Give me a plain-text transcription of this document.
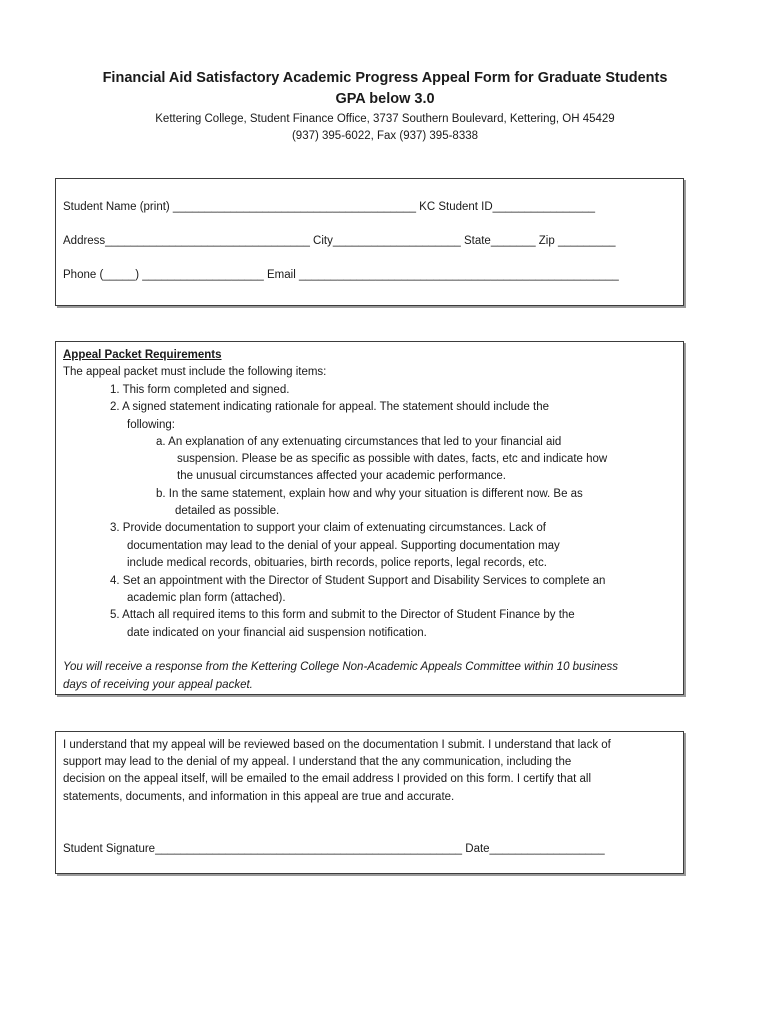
Financial Aid Satisfactory Academic Progress Appeal Form for Graduate Students
GPA below 3.0
Kettering College, Student Finance Office, 3737 Southern Boulevard, Kettering, OH 45429
(937) 395-6022, Fax (937) 395-8338
Student Name (print) ______________________________________ KC Student ID________________
Address________________________________ City____________________ State_______ Zip _________
Phone (_____) ___________________ Email __________________________________________________
Appeal Packet Requirements
The appeal packet must include the following items:
1. This form completed and signed.
2. A signed statement indicating rationale for appeal. The statement should include the
following:
a. An explanation of any extenuating circumstances that led to your financial aid
suspension. Please be as specific as possible with dates, facts, etc and indicate how
the unusual circumstances affected your academic performance.
b. In the same statement, explain how and why your situation is different now. Be as
detailed as possible.
3. Provide documentation to support your claim of extenuating circumstances. Lack of
documentation may lead to the denial of your appeal. Supporting documentation may
include medical records, obituaries, birth records, police reports, legal records, etc.
4. Set an appointment with the Director of Student Support and Disability Services to complete an
academic plan form (attached).
5. Attach all required items to this form and submit to the Director of Student Finance by the
date indicated on your financial aid suspension notification.
You will receive a response from the Kettering College Non-Academic Appeals Committee within 10 business
days of receiving your appeal packet.
I understand that my appeal will be reviewed based on the documentation I submit. I understand that lack of
support may lead to the denial of my appeal. I understand that the any communication, including the
decision on the appeal itself, will be emailed to the email address I provided on this form. I certify that all
statements, documents, and information in this appeal are true and accurate.
Student Signature________________________________________________ Date__________________
